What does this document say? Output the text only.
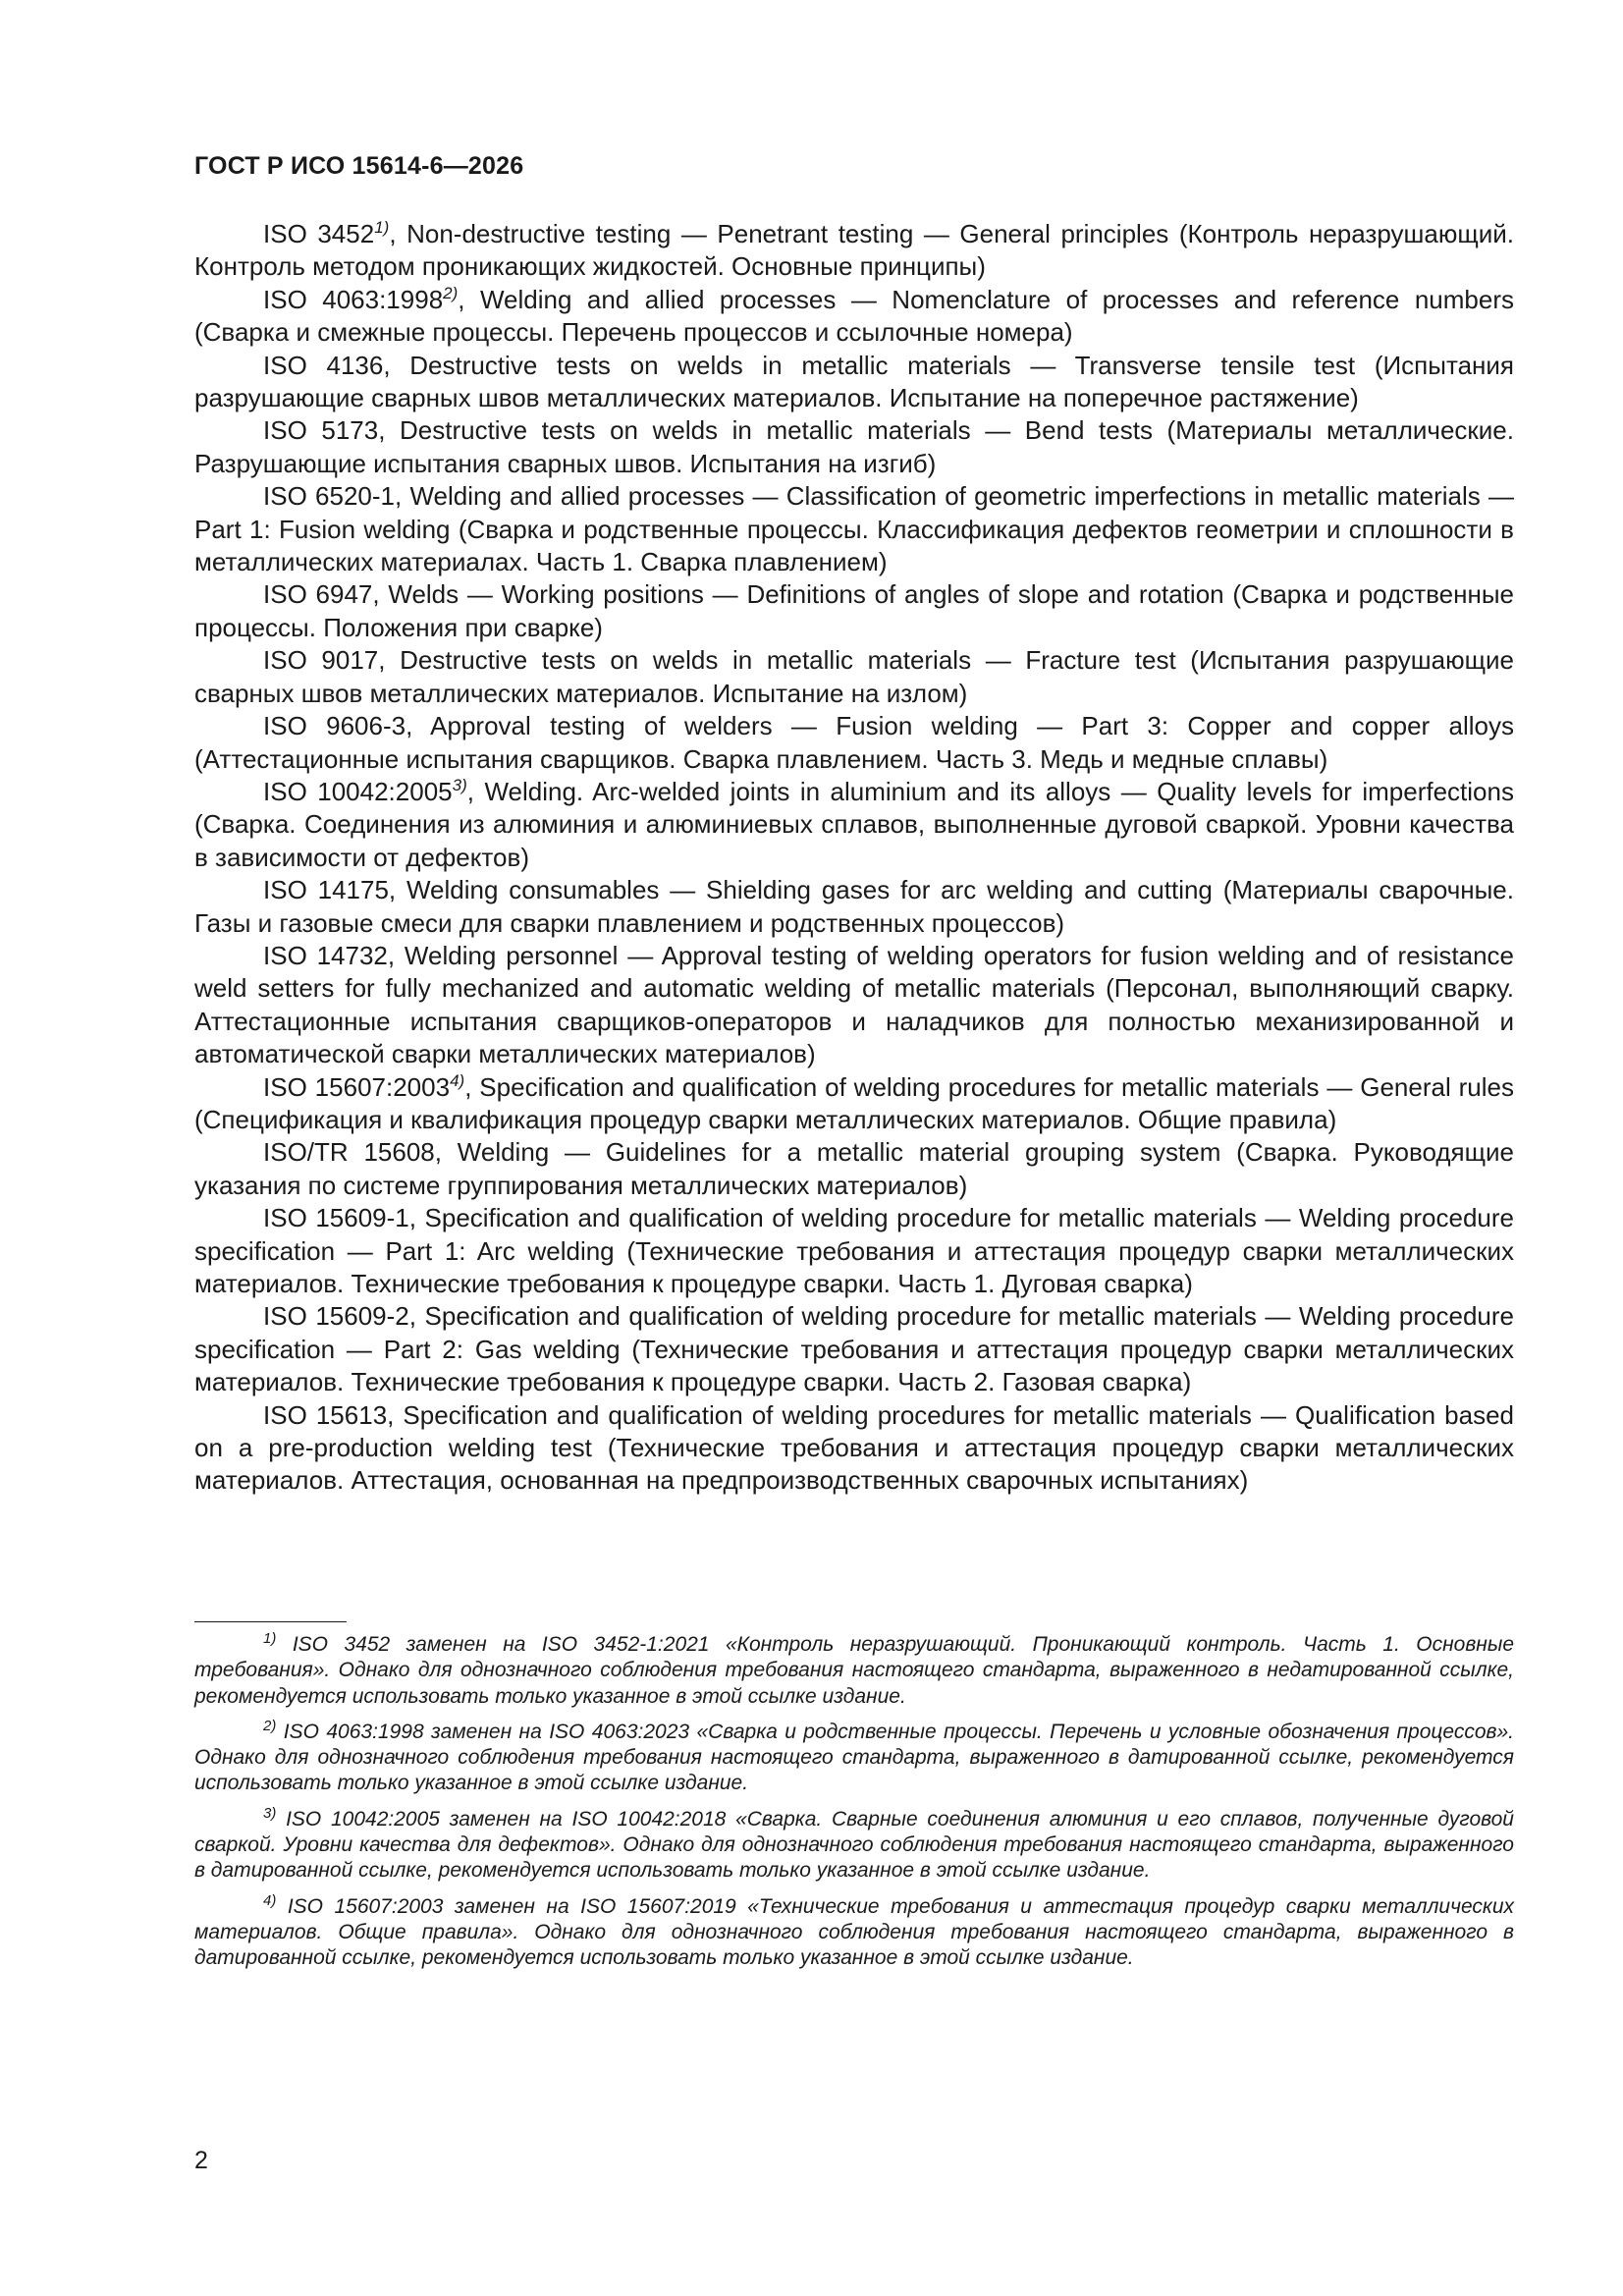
ГОСТ Р ИСО 15614-6—2026

ISO 3452$^{1)}$, Non-destructive testing — Penetrant testing — General principles (Контроль неразрушающий. Контроль методом проникающих жидкостей. Основные принципы)

ISO 4063:1998$^{2)}$, Welding and allied processes — Nomenclature of processes and reference numbers (Сварка и смежные процессы. Перечень процессов и ссылочные номера)

ISO 4136, Destructive tests on welds in metallic materials — Transverse tensile test (Испытания разрушающие сварных швов металлических материалов. Испытание на поперечное растяжение)

ISO 5173, Destructive tests on welds in metallic materials — Bend tests (Материалы металлические. Разрушающие испытания сварных швов. Испытания на изгиб)

ISO 6520-1, Welding and allied processes — Classification of geometric imperfections in metallic materials — Part 1: Fusion welding (Сварка и родственные процессы. Классификация дефектов геометрии и сплошности в металлических материалах. Часть 1. Сварка плавлением)

ISO 6947, Welds — Working positions — Definitions of angles of slope and rotation (Сварка и родственные процессы. Положения при сварке)

ISO 9017, Destructive tests on welds in metallic materials — Fracture test (Испытания разрушающие сварных швов металлических материалов. Испытание на излом)

ISO 9606-3, Approval testing of welders — Fusion welding — Part 3: Copper and copper alloys (Аттестационные испытания сварщиков. Сварка плавлением. Часть 3. Медь и медные сплавы)

ISO 10042:2005$^{3)}$, Welding. Arc-welded joints in aluminium and its alloys — Quality levels for imperfections (Сварка. Соединения из алюминия и алюминиевых сплавов, выполненные дуговой сваркой. Уровни качества в зависимости от дефектов)

ISO 14175, Welding consumables — Shielding gases for arc welding and cutting (Материалы сварочные. Газы и газовые смеси для сварки плавлением и родственных процессов)

ISO 14732, Welding personnel — Approval testing of welding operators for fusion welding and of resistance weld setters for fully mechanized and automatic welding of metallic materials (Персонал, выполняющий сварку. Аттестационные испытания сварщиков-операторов и наладчиков для полностью механизированной и автоматической сварки металлических материалов)

ISO 15607:2003$^{4)}$, Specification and qualification of welding procedures for metallic materials — General rules (Спецификация и квалификация процедур сварки металлических материалов. Общие правила)

ISO/TR 15608, Welding — Guidelines for a metallic material grouping system (Сварка. Руководящие указания по системе группирования металлических материалов)

ISO 15609-1, Specification and qualification of welding procedure for metallic materials — Welding procedure specification — Part 1: Arc welding (Технические требования и аттестация процедур сварки металлических материалов. Технические требования к процедуре сварки. Часть 1. Дуговая сварка)

ISO 15609-2, Specification and qualification of welding procedure for metallic materials — Welding procedure specification — Part 2: Gas welding (Технические требования и аттестация процедур сварки металлических материалов. Технические требования к процедуре сварки. Часть 2. Газовая сварка)

ISO 15613, Specification and qualification of welding procedures for metallic materials — Qualification based on a pre-production welding test (Технические требования и аттестация процедур сварки металлических материалов. Аттестация, основанная на предпроизводственных сварочных испытаниях)

$^{1)}$ ISO 3452 заменен на ISO 3452-1:2021 «Контроль неразрушающий. Проникающий контроль. Часть 1. Основные требования». Однако для однозначного соблюдения требования настоящего стандарта, выраженного в недатированной ссылке, рекомендуется использовать только указанное в этой ссылке издание.

$^{2)}$ ISO 4063:1998 заменен на ISO 4063:2023 «Сварка и родственные процессы. Перечень и условные обозначения процессов». Однако для однозначного соблюдения требования настоящего стандарта, выраженного в датированной ссылке, рекомендуется использовать только указанное в этой ссылке издание.

$^{3)}$ ISO 10042:2005 заменен на ISO 10042:2018 «Сварка. Сварные соединения алюминия и его сплавов, полученные дуговой сваркой. Уровни качества для дефектов». Однако для однозначного соблюдения требования настоящего стандарта, выраженного в датированной ссылке, рекомендуется использовать только указанное в этой ссылке издание.

$^{4)}$ ISO 15607:2003 заменен на ISO 15607:2019 «Технические требования и аттестация процедур сварки металлических материалов. Общие правила». Однако для однозначного соблюдения требования настоящего стандарта, выраженного в датированной ссылке, рекомендуется использовать только указанное в этой ссылке издание.

2
